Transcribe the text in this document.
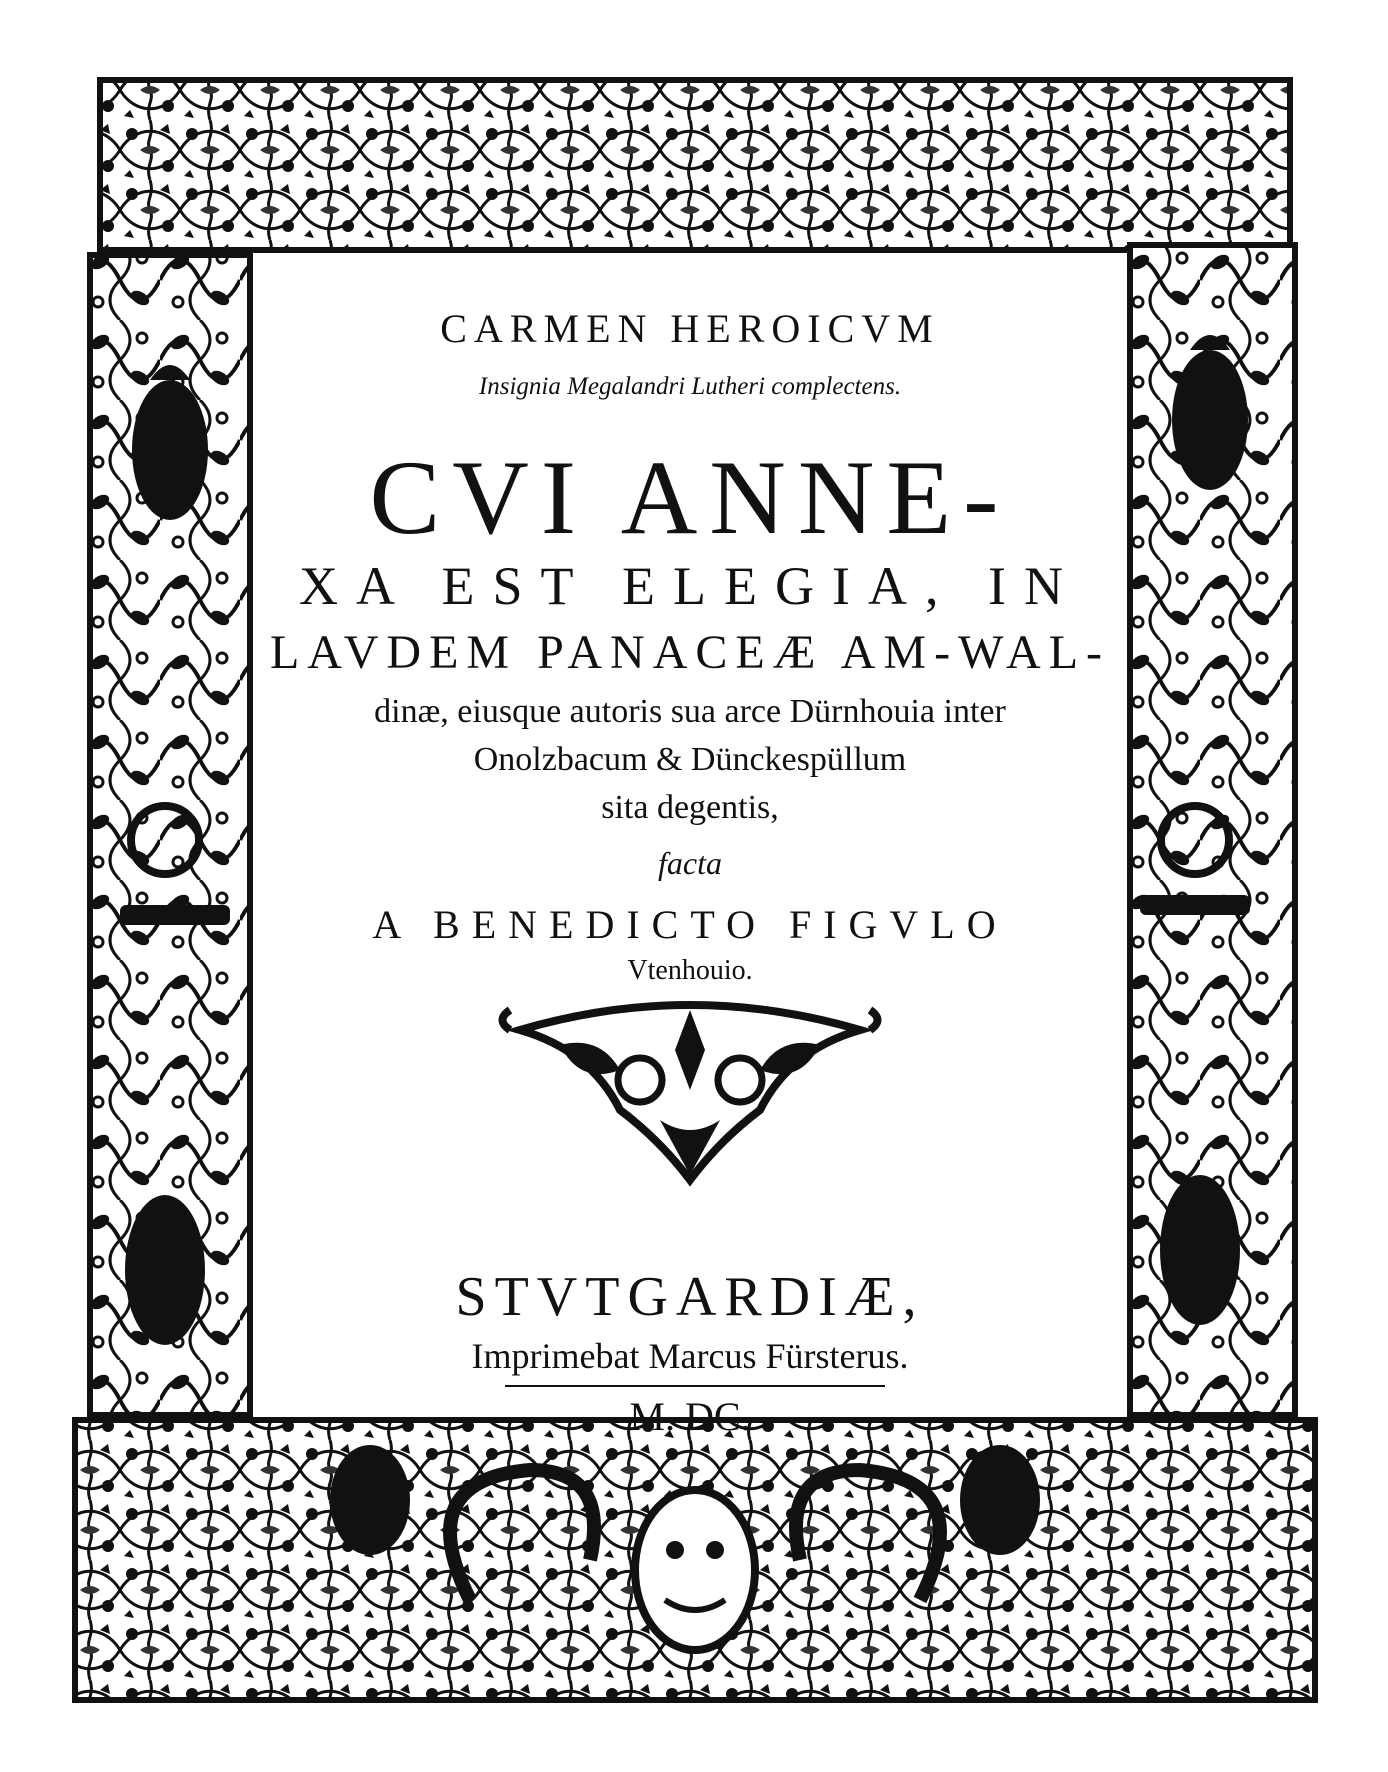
CARMEN HEROICVM
Insignia Megalandri Lutheri complectens.
CVI ANNE-
XA EST ELEGIA, IN
LAVDEM PANACEÆ AM-WAL-
dinæ, eiusque autoris sua arce Dürnhouia inter
Onolzbacum & Dünckespüllum
sita degentis,
facta
A BENEDICTO FIGVLO
Vtenhouio.
STVTGARDIÆ,
Imprimebat Marcus Fürsterus.
M. DC.
